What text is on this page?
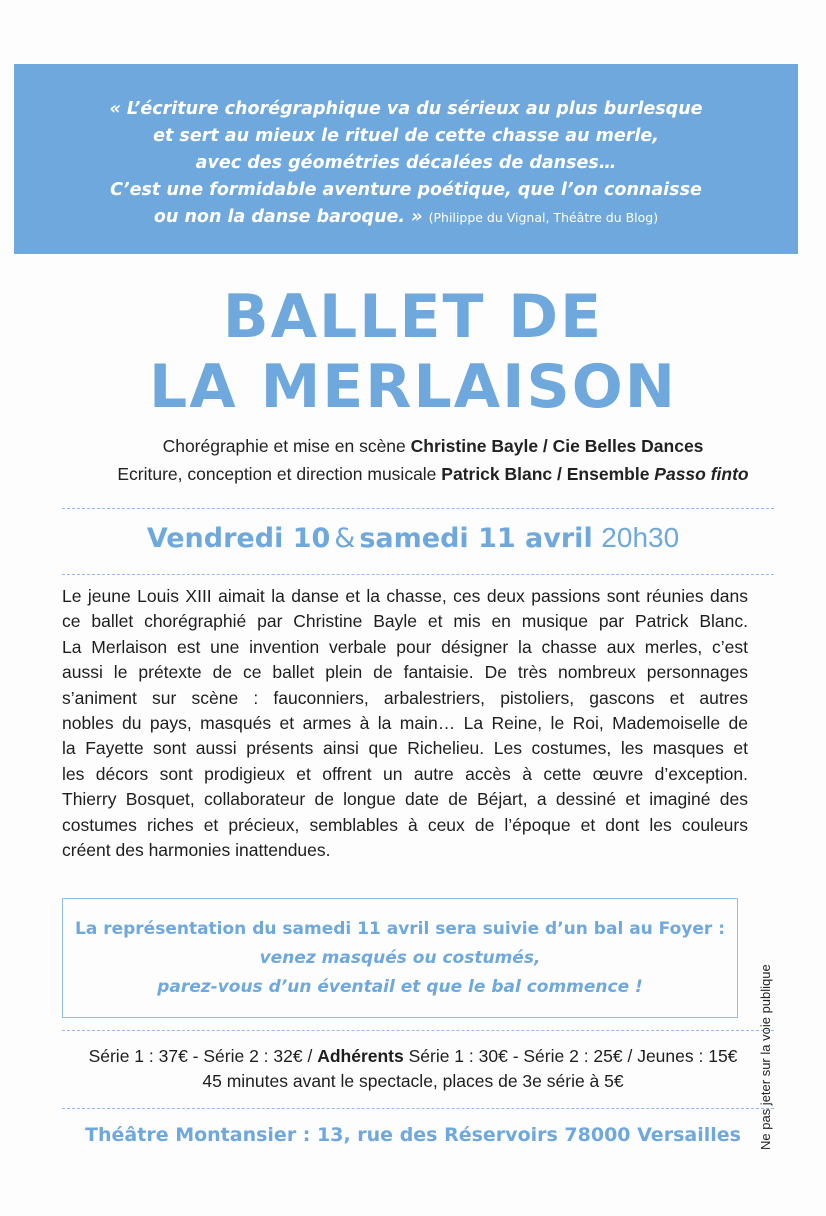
« L’écriture chorégraphique va du sérieux au plus burlesque
et sert au mieux le rituel de cette chasse au merle,
avec des géométries décalées de danses…
C’est une formidable aventure poétique, que l’on connaisse
ou non la danse baroque. » (Philippe du Vignal, Théâtre du Blog)
BALLET DE
LA MERLAISON
Chorégraphie et mise en scène Christine Bayle / Cie Belles Dances
Ecriture, conception et direction musicale Patrick Blanc / Ensemble Passo finto
Vendredi 10 & samedi 11 avril 20h30
Le jeune Louis XIII aimait la danse et la chasse, ces deux passions sont réunies dans
ce ballet chorégraphié par Christine Bayle et mis en musique par Patrick Blanc.
La Merlaison est une invention verbale pour désigner la chasse aux merles, c’est
aussi le prétexte de ce ballet plein de fantaisie. De très nombreux personnages
s’animent sur scène : fauconniers, arbalestriers, pistoliers, gascons et autres
nobles du pays, masqués et armes à la main… La Reine, le Roi, Mademoiselle de
la Fayette sont aussi présents ainsi que Richelieu. Les costumes, les masques et
les décors sont prodigieux et offrent un autre accès à cette œuvre d’exception.
Thierry Bosquet, collaborateur de longue date de Béjart, a dessiné et imaginé des
costumes riches et précieux, semblables à ceux de l’époque et dont les couleurs
créent des harmonies inattendues.
La représentation du samedi 11 avril sera suivie d’un bal au Foyer :
venez masqués ou costumés,
parez-vous d’un éventail et que le bal commence !
Série 1 : 37€ - Série 2 : 32€ / Adhérents Série 1 : 30€ - Série 2 : 25€ / Jeunes : 15€
45 minutes avant le spectacle, places de 3e série à 5€
Théâtre Montansier : 13, rue des Réservoirs 78000 Versailles	Ne pas jeter sur la voie publique
